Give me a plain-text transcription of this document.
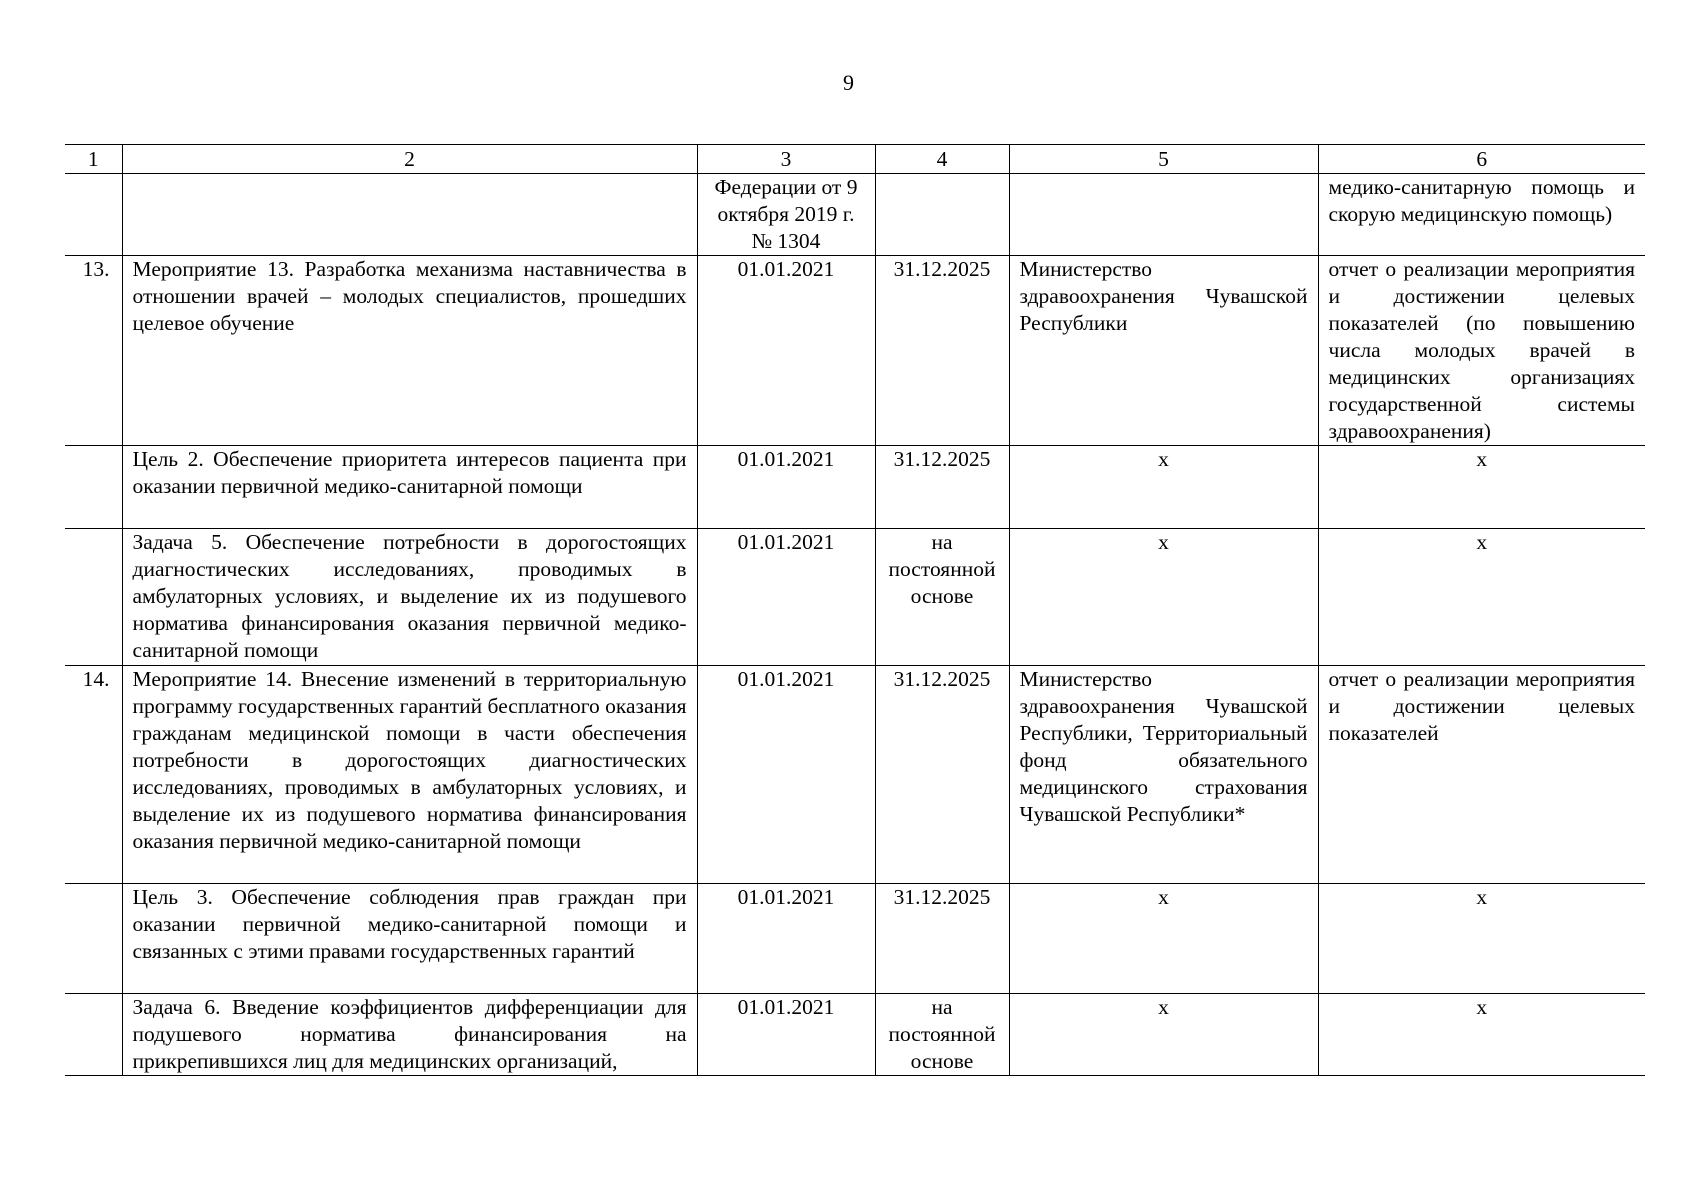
9
1	2	3	4	5	6
		Федерации от 9 октября 2019 г. № 1304			медико-санитарную помощь и скорую медицинскую помощь)
13.	Мероприятие 13. Разработка механизма наставничества в отношении врачей – молодых специалистов, прошедших целевое обучение	01.01.2021	31.12.2025	Министерство здравоохранения Чувашской Республики	отчет о реализации мероприятия и достижении целевых показателей (по повышению числа молодых врачей в медицинских организациях государственной системы здравоохранения)
	Цель 2. Обеспечение приоритета интересов пациента при оказании первичной медико-санитарной помощи	01.01.2021	31.12.2025	х	х
	Задача 5. Обеспечение потребности в дорогостоящих диагностических исследованиях, проводимых в амбулаторных условиях, и выделение их из подушевого норматива финансирования оказания первичной медико-санитарной помощи	01.01.2021	на постоянной основе	х	х
14.	Мероприятие 14. Внесение изменений в территориальную программу государственных гарантий бесплатного оказания гражданам медицинской помощи в части обеспечения потребности в дорогостоящих диагностических исследованиях, проводимых в амбулаторных условиях, и выделение их из подушевого норматива финансирования оказания первичной медико-санитарной помощи	01.01.2021	31.12.2025	Министерство здравоохранения Чувашской Республики, Территориальный фонд обязательного медицинского страхования Чувашской Республики*	отчет о реализации мероприятия и достижении целевых показателей
	Цель 3. Обеспечение соблюдения прав граждан при оказании первичной медико-санитарной помощи и связанных с этими правами государственных гарантий	01.01.2021	31.12.2025	х	х
	Задача 6. Введение коэффициентов дифференциации для подушевого норматива финансирования на прикрепившихся лиц для медицинских организаций,	01.01.2021	на постоянной основе	х	х
